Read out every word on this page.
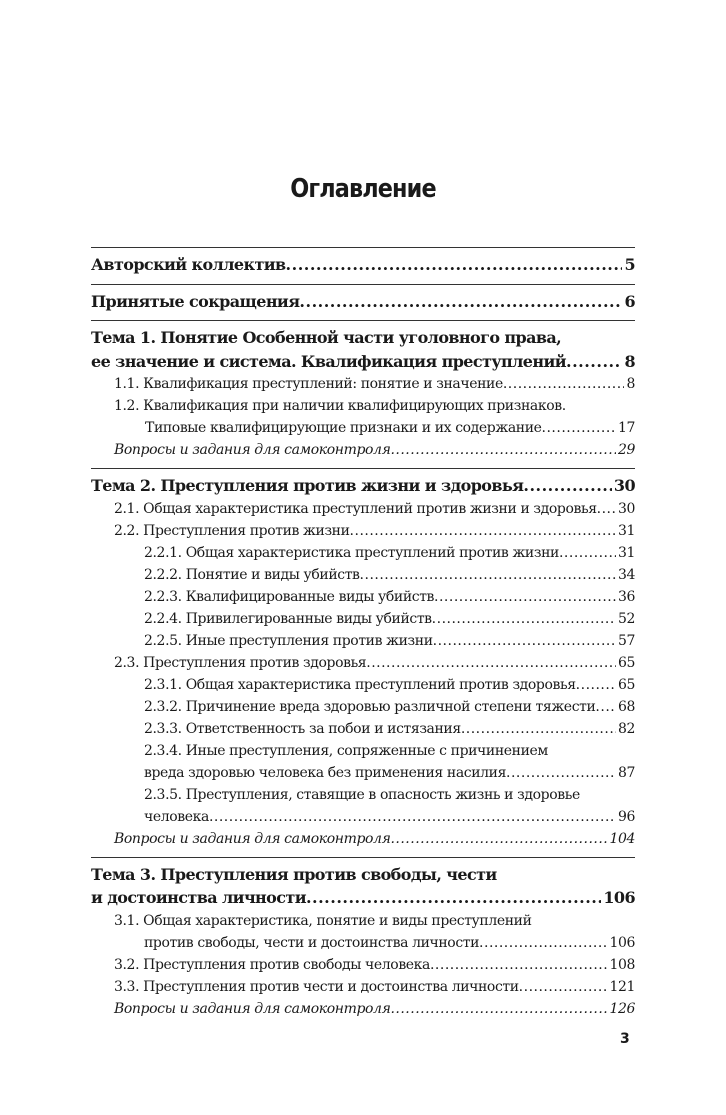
Оглавление
Авторский коллектив .....	5
Принятые сокращения .....	6
Тема 1. Понятие Особенной части уголовного права,
ее значение и система. Квалификация преступлений .....	8
1.1. Квалификация преступлений: понятие и значение .....	8
1.2. Квалификация при наличии квалифицирующих признаков.
Типовые квалифицирующие признаки и их содержание .....	17
Вопросы и задания для самоконтроля .....	29
Тема 2. Преступления против жизни и здоровья .....	30
2.1. Общая характеристика преступлений против жизни и здоровья ..... 30
2.2. Преступления против жизни .....	31
2.2.1. Общая характеристика преступлений против жизни .....	31
2.2.2. Понятие и виды убийств .....	34
2.2.3. Квалифицированные виды убийств .....	36
2.2.4. Привилегированные виды убийств .....	52
2.2.5. Иные преступления против жизни .....	57
2.3. Преступления против здоровья .....	65
2.3.1. Общая характеристика преступлений против здоровья .....	65
2.3.2. Причинение вреда здоровью различной степени тяжести ..... 68
2.3.3. Ответственность за побои и истязания .....	82
2.3.4. Иные преступления, сопряженные с причинением
вреда здоровью человека без применения насилия .....	87
2.3.5. Преступления, ставящие в опасность жизнь и здоровье
человека .....	96
Вопросы и задания для самоконтроля .....	104
Тема 3. Преступления против свободы, чести
и достоинства личности .....	106
3.1. Общая характеристика, понятие и виды преступлений
против свободы, чести и достоинства личности .....	106
3.2. Преступления против свободы человека .....	108
3.3. Преступления против чести и достоинства личности .....	121
Вопросы и задания для самоконтроля .....	126
3
